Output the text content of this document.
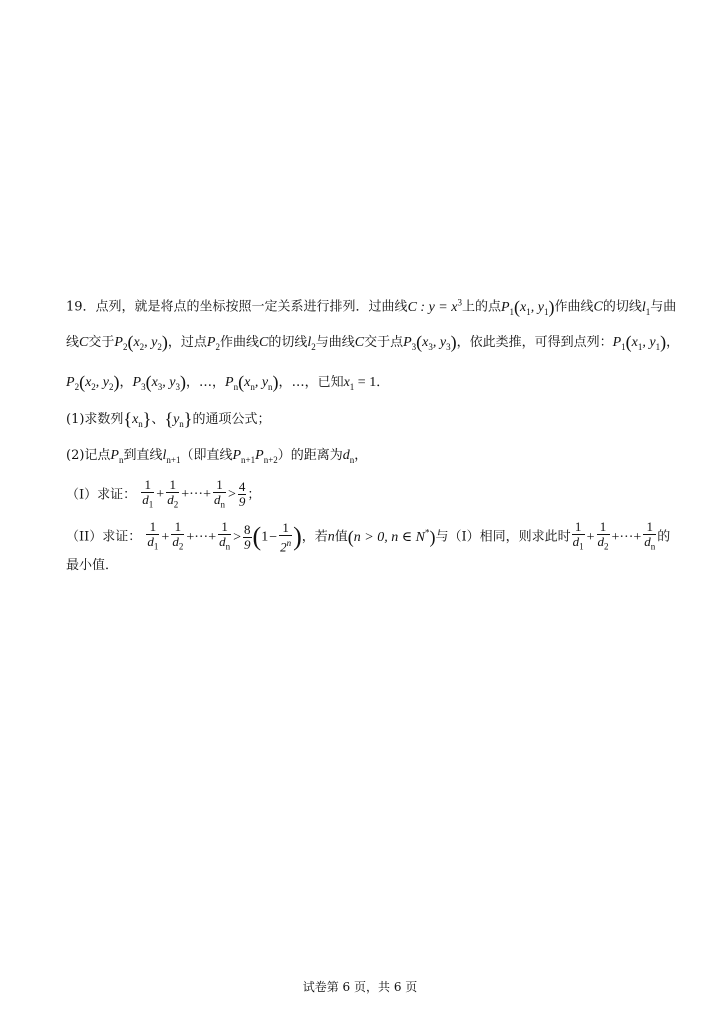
19．点列，就是将点的坐标按照一定关系进行排列．过曲线C : $y = x^3$上的点$P_1(x_1$, $y_1$)作曲线C的切线$l_1$与曲
线C交于$P_2(x_2$, $y_2$)，过点$P_2$作曲线C的切线$l_2$与曲线C交于点$P_3(x_3$, $y_3$)，依此类推，可得到点列：$P_1(x_1$, $y_1$)，
$P_2(x_2$, $y_2$)，$P_3(x_3$, $y_3$)，…，$P_n(x_n$, $y_n$)，…，已知$x_1 = 1$．
(1)求数列$\{x_n\}$、$\{y_n\}$的通项公式；
(2)记点$P_n$到直线$l_{n+1}$（即直线$P_{n+1}P_{n+2}$）的距离为$d_n$，
（I）求证： $\frac{1}{d_1} + \frac{1}{d_2}$ +···+ $\frac{1}{d_n} > \frac{4}{9}$ ；
（II）求证： $\frac{1}{d_1} + \frac{1}{d_2}$ +···+ $\frac{1}{d_n} > \frac{8}{9} (1- \frac{1}{2^n}$ )，若n值(n > 0, n ∈ N*)与（I）相同，则求此时 $\frac{1}{d_1} + \frac{1}{d_2}$ +···+ $\frac{1}{d_n}$ 的
最小值．
试卷第 6 页，共 6 页
